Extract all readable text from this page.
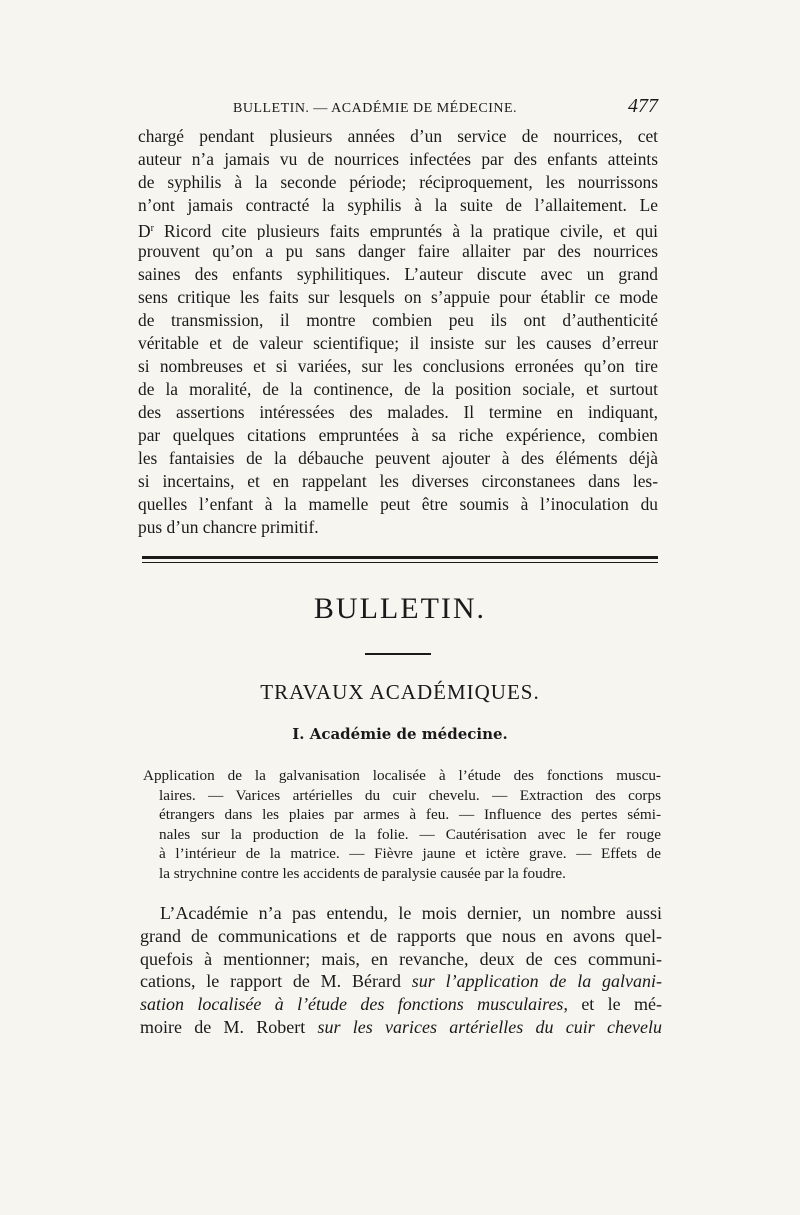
BULLETIN. — ACADÉMIE DE MÉDECINE.	477
chargé pendant plusieurs années d’un service de nourrices, cet
auteur n’a jamais vu de nourrices infectées par des enfants atteints
de syphilis à la seconde période; réciproquement, les nourrissons
n’ont jamais contracté la syphilis à la suite de l’allaitement. Le
$D^r$ Ricord cite plusieurs faits empruntés à la pratique civile, et qui
prouvent qu’on a pu sans danger faire allaiter par des nourrices
saines des enfants syphilitiques. L’auteur discute avec un grand
sens critique les faits sur lesquels on s’appuie pour établir ce mode
de transmission, il montre combien peu ils ont d’authenticité
véritable et de valeur scientifique; il insiste sur les causes d’erreur
si nombreuses et si variées, sur les conclusions erronées qu’on tire
de la moralité, de la continence, de la position sociale, et surtout
des assertions intéressées des malades. Il termine en indiquant,
par quelques citations empruntées à sa riche expérience, combien
les fantaisies de la débauche peuvent ajouter à des éléments déjà
si incertains, et en rappelant les diverses circonstanees dans les-
quelles l’enfant à la mamelle peut être soumis à l’inoculation du
pus d’un chancre primitif.
BULLETIN.
TRAVAUX ACADÉMIQUES.
I. Académie de médecine.
Application de la galvanisation localisée à l’étude des fonctions muscu-
laires. — Varices artérielles du cuir chevelu. — Extraction des corps
étrangers dans les plaies par armes à feu. — Influence des pertes sémi-
nales sur la production de la folie. — Cautérisation avec le fer rouge
à l’intérieur de la matrice. — Fièvre jaune et ictère grave. — Effets de
la strychnine contre les accidents de paralysie causée par la foudre.
L’Académie n’a pas entendu, le mois dernier, un nombre aussi
grand de communications et de rapports que nous en avons quel-
quefois à mentionner; mais, en revanche, deux de ces communi-
cations, le rapport de M. Bérard sur l’application de la galvani-
sation localisée à l’étude des fonctions musculaires, et le mé-
moire de M. Robert sur les varices artérielles du cuir chevelu
